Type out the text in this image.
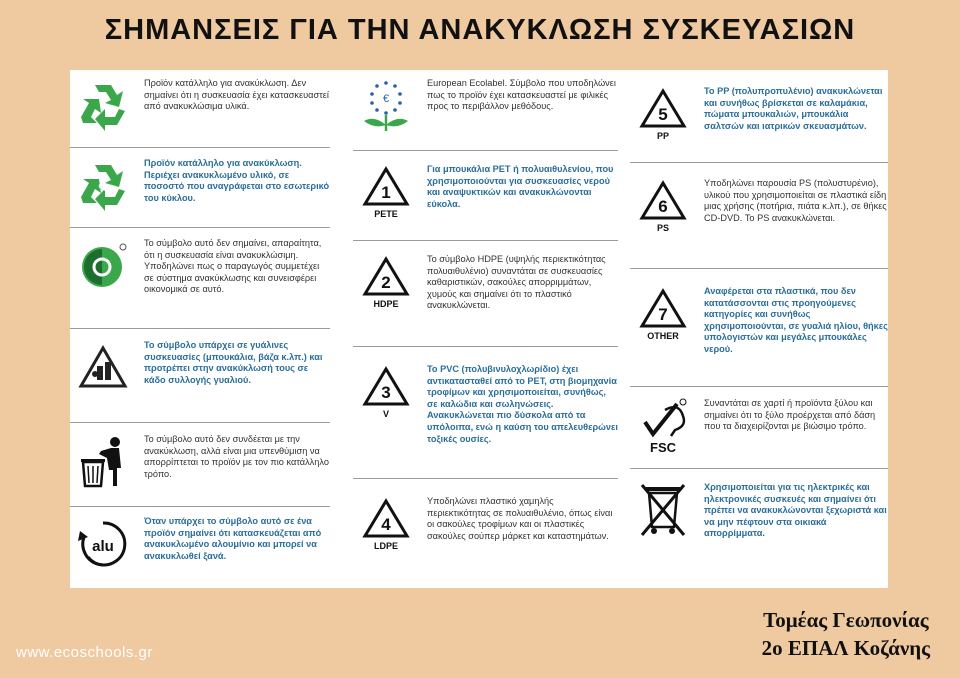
ΣΗΜΑΝΣΕΙΣ ΓΙΑ ΤΗΝ ΑΝΑΚΥΚΛΩΣΗ ΣΥΣΚΕΥΑΣΙΩΝ
Προϊόν κατάλληλο για ανακύκλωση. Δεν σημαίνει ότι η συσκευασία έχει κατασκευαστεί από ανακυκλώσιμα υλικά.
%
Προϊόν κατάλληλο για ανακύκλωση. Περιέχει ανακυκλωμένο υλικό, σε ποσοστό που αναγράφεται στο εσωτερικό του κύκλου.
Το σύμβολο αυτό δεν σημαίνει, απαραίτητα, ότι η συσκευασία είναι ανακυκλώσιμη. Υποδηλώνει πως ο παραγωγός συμμετέχει σε σύστημα ανακύκλωσης και συνεισφέρει οικονομικά σε αυτό.
Το σύμβολο υπάρχει σε γυάλινες συσκευασίες (μπουκάλια, βάζα κ.λπ.) και προτρέπει στην ανακύκλωσή τους σε κάδο συλλογής γυαλιού.
Το σύμβολο αυτό δεν συνδέεται με την ανακύκλωση, αλλά είναι μια υπενθύμιση να απορρίπτεται το προϊόν με τον πιο κατάλληλο τρόπο.
alu
Όταν υπάρχει το σύμβολο αυτό σε ένα προϊόν σημαίνει ότι κατασκευάζεται από ανακυκλωμένο αλουμίνιο και μπορεί να ανακυκλωθεί ξανά.
€
European Ecolabel. Σύμβολο που υποδηλώνει πως το προϊόν έχει κατασκευαστεί με φιλικές προς το περιβάλλον μεθόδους.
1
PETE
Για μπουκάλια PET ή πολυαιθυλενίου, που χρησιμοποιούνται για συσκευασίες νερού και αναψυκτικών και ανακυκλώνονται εύκολα.
2
HDPE
Το σύμβολο HDPE (υψηλής περιεκτικότητας πολυαιθυλένιο) συναντάται σε συσκευασίες καθαριστικών, σακούλες απορριμμάτων, χυμούς και σημαίνει ότι το πλαστικό ανακυκλώνεται.
3
V
Το PVC (πολυβινυλοχλωρίδιο) έχει αντικατασταθεί από το PET, στη βιομηχανία τροφίμων και χρησιμοποιείται, συνήθως, σε καλώδια και σωληνώσεις. Ανακυκλώνεται πιο δύσκολα από τα υπόλοιπα, ενώ η καύση του απελευθερώνει τοξικές ουσίες.
4
LDPE
Υποδηλώνει πλαστικό χαμηλής περιεκτικότητας σε πολυαιθυλένιο, όπως είναι οι σακούλες τροφίμων και οι πλαστικές σακούλες σούπερ μάρκετ και καταστημάτων.
5
PP
Το PP (πολυπροπυλένιο) ανακυκλώνεται και συνήθως βρίσκεται σε καλαμάκια, πώματα μπουκαλιών, μπουκάλια σαλτσών και ιατρικών σκευασμάτων.
6
PS
Υποδηλώνει παρουσία PS (πολυστυρένιο), υλικού που χρησιμοποιείται σε πλαστικά είδη μιας χρήσης (ποτήρια, πιάτα κ.λπ.), σε θήκες CD-DVD. Το PS ανακυκλώνεται.
7
OTHER
Αναφέρεται στα πλαστικά, που δεν κατατάσσονται στις προηγούμενες κατηγορίες και συνήθως χρησιμοποιούνται, σε γυαλιά ηλίου, θήκες υπολογιστών και μεγάλες μπουκάλες νερού.
FSC
Συναντάται σε χαρτί ή προϊόντα ξύλου και σημαίνει ότι το ξύλο προέρχεται από δάση που τα διαχειρίζονται με βιώσιμο τρόπο.
Χρησιμοποιείται για τις ηλεκτρικές και ηλεκτρονικές συσκευές και σημαίνει ότι πρέπει να ανακυκλώνονται ξεχωριστά και να μην πέφτουν στα οικιακά απορρίμματα.
www.ecoschools.gr
Τομέας Γεωπονίας
2ο ΕΠΑΛ Κοζάνης
